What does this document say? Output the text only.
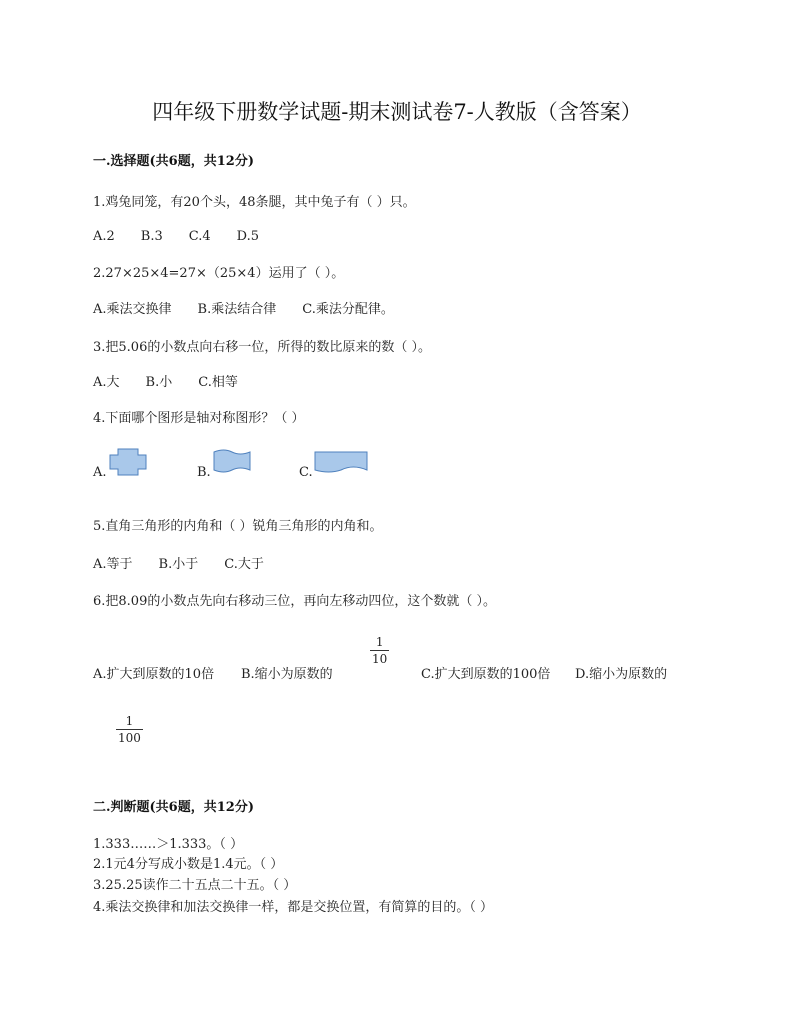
四年级下册数学试题-期末测试卷7-人教版（含答案）
一.选择题(共6题，共12分)
1.鸡兔同笼，有20个头，48条腿，其中兔子有（ ）只。
A.2 B.3 C.4 D.5
2.27×25×4=27×（25×4）运用了（ ）。
A.乘法交换律 B.乘法结合律 C.乘法分配律。
3.把5.06的小数点向右移一位，所得的数比原来的数（ ）。
A.大 B.小 C.相等
4.下面哪个图形是轴对称图形？（ ）
A.	B.	C.
5.直角三角形的内角和（ ）锐角三角形的内角和。
A.等于 B.小于 C.大于
6.把8.09的小数点先向右移动三位，再向左移动四位，这个数就（ ）。
1
10
A.扩大到原数的10倍 B.缩小为原数的	C.扩大到原数的100倍 D.缩小为原数的
1
100
二.判断题(共6题，共12分)
1.333……＞1.333。（ ）
2.1元4分写成小数是1.4元。（ ）
3.25.25读作二十五点二十五。（ ）
4.乘法交换律和加法交换律一样，都是交换位置，有简算的目的。（ ）
